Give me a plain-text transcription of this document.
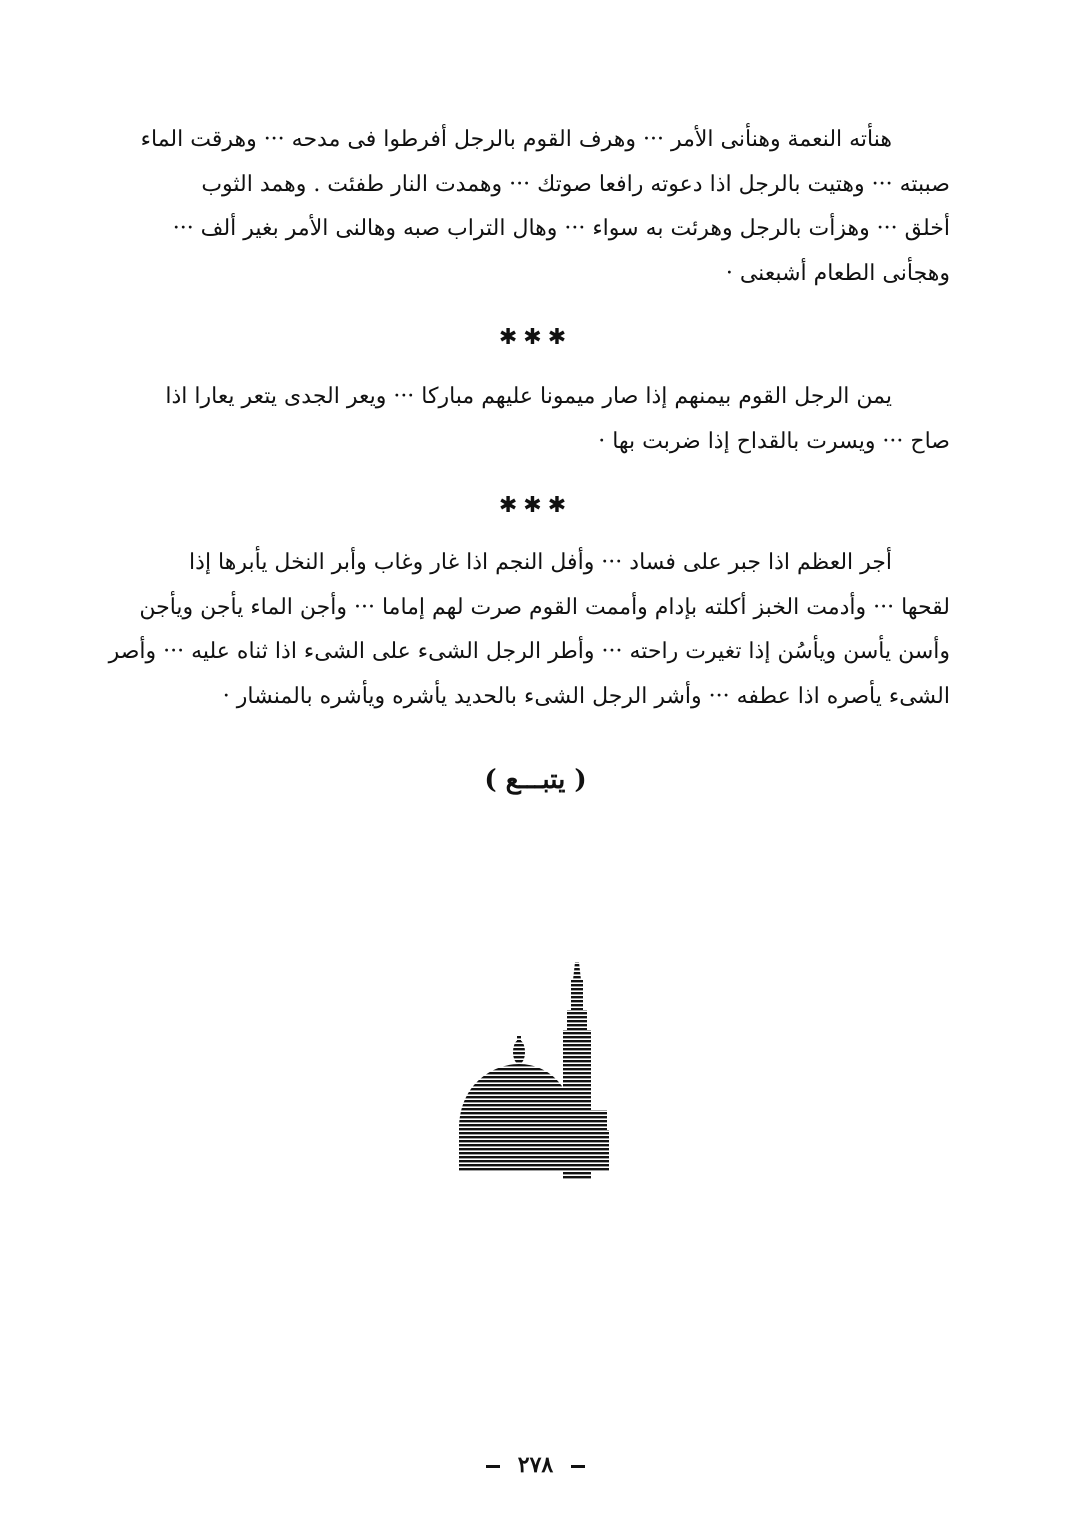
هنأته النعمة وهنأنى الأمر ··· وهرف القوم بالرجل أفرطوا فى مدحه ··· وهرقت الماء
صببته ··· وهتيت بالرجل اذا دعوته رافعا صوتك ··· وهمدت النار طفئت . وهمد الثوب
أخلق ··· وهزأت بالرجل وهرئت به سواء ··· وهال التراب صبه وهالنى الأمر بغير ألف ···
وهجأنى الطعام أشبعنى ·
✱✱✱
يمن الرجل القوم بيمنهم إذا صار ميمونا عليهم مباركا ··· ويعر الجدى يتعر يعارا اذا
صاح ··· ويسرت بالقداح إذا ضربت بها ·
✱✱✱
أجر العظم اذا جبر على فساد ··· وأفل النجم اذا غار وغاب وأبر النخل يأبرها إذا
لقحها ··· وأدمت الخبز أكلته بإدام وأممت القوم صرت لهم إماما ··· وأجن الماء يأجن ويأجن
وأسن يأسن ويأسُن إذا تغيرت راحته ··· وأطر الرجل الشىء على الشىء اذا ثناه عليه ··· وأصر
الشىء يأصره اذا عطفه ··· وأشر الرجل الشىء بالحديد يأشره ويأشره بالمنشار ·
( يتبـــع )
٢٧٨
